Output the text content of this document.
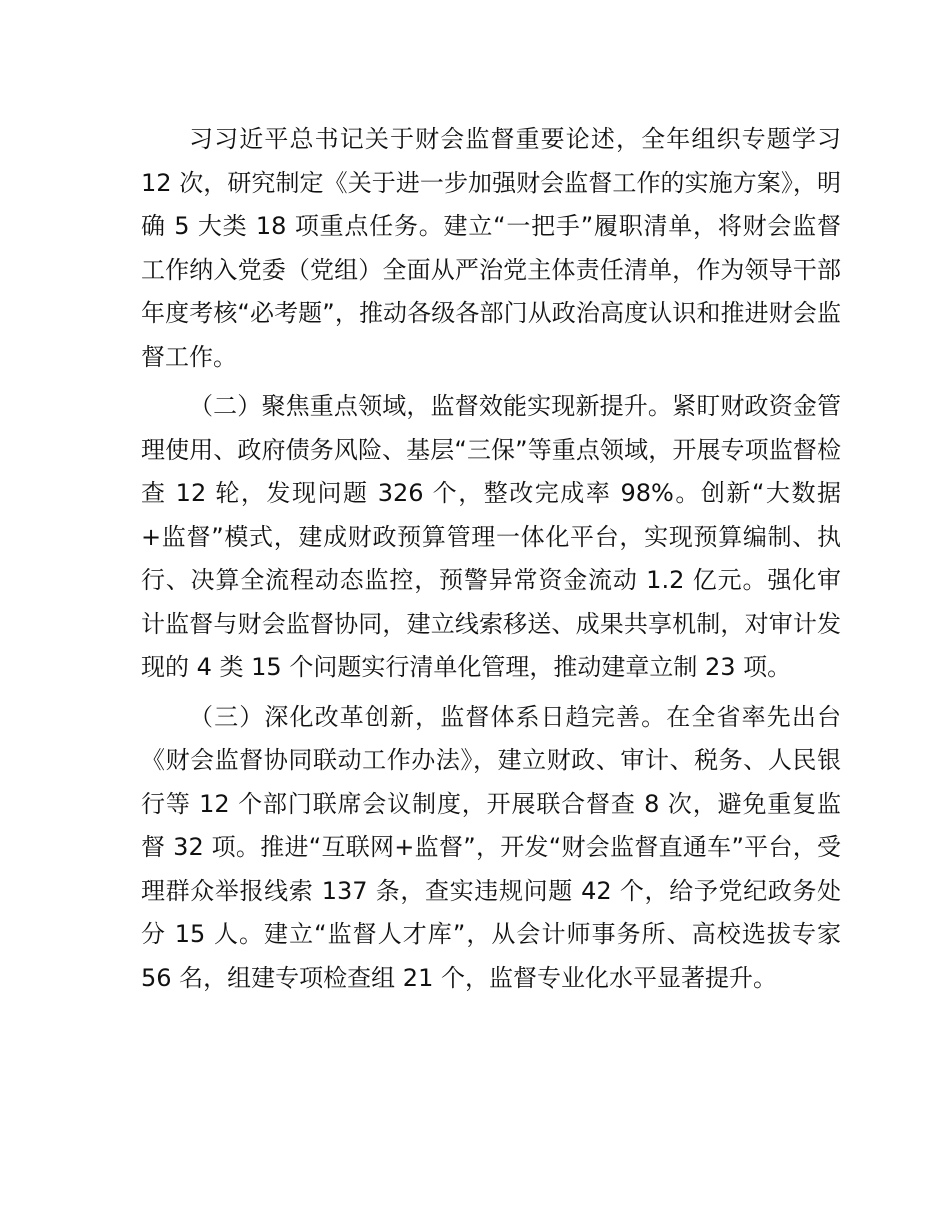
习习近平总书记关于财会监督重要论述，全年组织专题学习 12 次，研究制定《关于进一步加强财会监督工作的实施方案》，明确 5 大类 18 项重点任务。建立“一把手”履职清单，将财会监督工作纳入党委（党组）全面从严治党主体责任清单，作为领导干部年度考核“必考题”，推动各级各部门从政治高度认识和推进财会监督工作。

（二）聚焦重点领域，监督效能实现新提升。紧盯财政资金管理使用、政府债务风险、基层“三保”等重点领域，开展专项监督检查 12 轮，发现问题 326 个，整改完成率 98%。创新“大数据+监督”模式，建成财政预算管理一体化平台，实现预算编制、执行、决算全流程动态监控，预警异常资金流动 1.2 亿元。强化审计监督与财会监督协同，建立线索移送、成果共享机制，对审计发现的 4 类 15 个问题实行清单化管理，推动建章立制 23 项。

（三）深化改革创新，监督体系日趋完善。在全省率先出台《财会监督协同联动工作办法》，建立财政、审计、税务、人民银行等 12 个部门联席会议制度，开展联合督查 8 次，避免重复监督 32 项。推进“互联网+监督”，开发“财会监督直通车”平台，受理群众举报线索 137 条，查实违规问题 42 个，给予党纪政务处分 15 人。建立“监督人才库”，从会计师事务所、高校选拔专家 56 名，组建专项检查组 21 个，监督专业化水平显著提升。
